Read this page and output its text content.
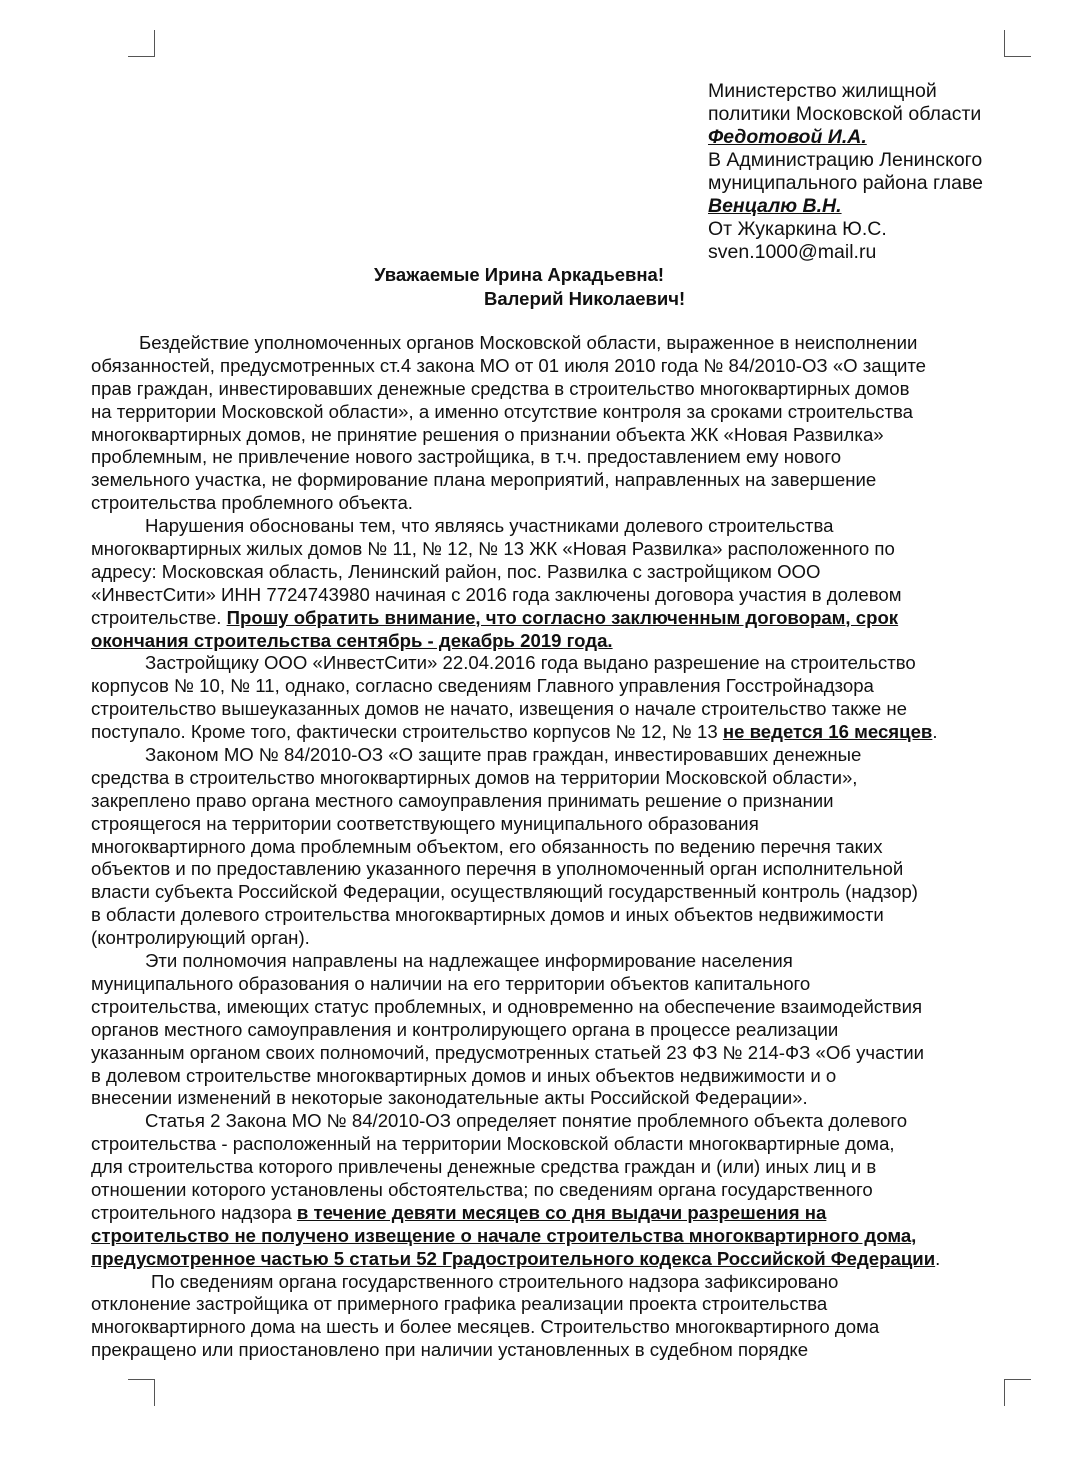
Министерство жилищной
политики Московской области
Федотовой И.А.
В Администрацию Ленинского
муниципального района главе
Венцалю В.Н.
От Жукаркина Ю.С.
sven.1000@mail.ru
Уважаемые Ирина Аркадьевна!
Валерий Николаевич!
Бездействие уполномоченных органов Московской области, выраженное в неисполнении
обязанностей, предусмотренных ст.4 закона МО от 01 июля 2010 года № 84/2010-ОЗ «О защите
прав граждан, инвестировавших денежные средства в строительство многоквартирных домов
на территории Московской области», а именно отсутствие контроля за сроками строительства
многоквартирных домов, не принятие решения о признании объекта ЖК «Новая Развилка»
проблемным, не привлечение нового застройщика, в т.ч. предоставлением ему нового
земельного участка, не формирование плана мероприятий, направленных на завершение
строительства проблемного объекта.
Нарушения обоснованы тем, что являясь участниками долевого строительства
многоквартирных жилых домов № 11, № 12, № 13 ЖК «Новая Развилка» расположенного по
адресу: Московская область, Ленинский район, пос. Развилка с застройщиком ООО
«ИнвестСити» ИНН 7724743980 начиная с 2016 года заключены договора участия в долевом
строительстве. Прошу обратить внимание, что согласно заключенным договорам, срок
окончания строительства сентябрь - декабрь 2019 года.
Застройщику ООО «ИнвестСити» 22.04.2016 года выдано разрешение на строительство
корпусов № 10, № 11, однако, согласно сведениям Главного управления Госстройнадзора
строительство вышеуказанных домов не начато, извещения о начале строительство также не
поступало. Кроме того, фактически строительство корпусов № 12, № 13 не ведется 16 месяцев.
Законом МО № 84/2010-ОЗ «О защите прав граждан, инвестировавших денежные
средства в строительство многоквартирных домов на территории Московской области»,
закреплено право органа местного самоуправления принимать решение о признании
строящегося на территории соответствующего муниципального образования
многоквартирного дома проблемным объектом, его обязанность по ведению перечня таких
объектов и по предоставлению указанного перечня в уполномоченный орган исполнительной
власти субъекта Российской Федерации, осуществляющий государственный контроль (надзор)
в области долевого строительства многоквартирных домов и иных объектов недвижимости
(контролирующий орган).
Эти полномочия направлены на надлежащее информирование населения
муниципального образования о наличии на его территории объектов капитального
строительства, имеющих статус проблемных, и одновременно на обеспечение взаимодействия
органов местного самоуправления и контролирующего органа в процессе реализации
указанным органом своих полномочий, предусмотренных статьей 23 ФЗ № 214-ФЗ «Об участии
в долевом строительстве многоквартирных домов и иных объектов недвижимости и о
внесении изменений в некоторые законодательные акты Российской Федерации».
Статья 2 Закона МО № 84/2010-ОЗ определяет понятие проблемного объекта долевого
строительства - расположенный на территории Московской области многоквартирные дома,
для строительства которого привлечены денежные средства граждан и (или) иных лиц и в
отношении которого установлены обстоятельства; по сведениям органа государственного
строительного надзора в течение девяти месяцев со дня выдачи разрешения на
строительство не получено извещение о начале строительства многоквартирного дома,
предусмотренное частью 5 статьи 52 Градостроительного кодекса Российской Федерации.
По сведениям органа государственного строительного надзора зафиксировано
отклонение застройщика от примерного графика реализации проекта строительства
многоквартирного дома на шесть и более месяцев. Строительство многоквартирного дома
прекращено или приостановлено при наличии установленных в судебном порядке
